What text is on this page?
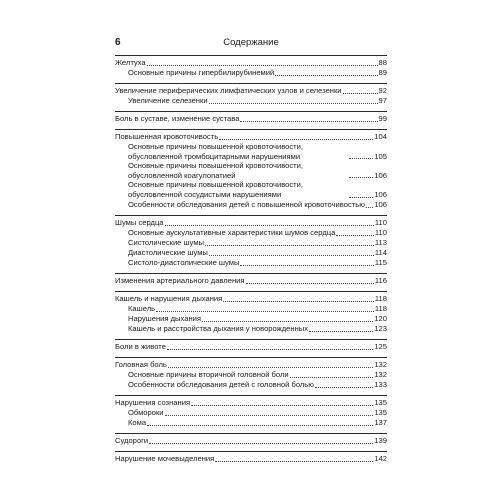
6	Содержание
Желтуха	88
Основные причины гипербилирубинемий	89
Увеличение периферических лимфатических узлов и селезенки	92
Увеличение селезенки	97
Боль в суставе, изменение сустава	99
Повышенная кровоточивость	104
Основные причины повышенной кровоточивости, обусловленной тромбоцитарными нарушениями	105
Основные причины повышенной кровоточивости, обусловленной коагулопатией	106
Основные причины повышенной кровоточивости, обусловленной сосудистыми нарушениями	106
Особенности обследования детей с повышенной кровоточивостью 106
Шумы сердца	110
Основные аускультативные характеристики шумов сердца	110
Систолические шумы	113
Диастолические шумы	114
Систоло-диастолические шумы	115
Изменения артериального давления	116
Кашель и нарушения дыхания	118
Кашель	118
Нарушения дыхания	120
Кашель и расстройства дыхания у новорожденных	123
Боли в животе	125
Головная боль	132
Основные причины вторичной головной боли	132
Особенности обследования детей с головной болью	133
Нарушения сознания	135
Обмороки	135
Кома	137
Судороги	139
Нарушение мочевыделения	142
